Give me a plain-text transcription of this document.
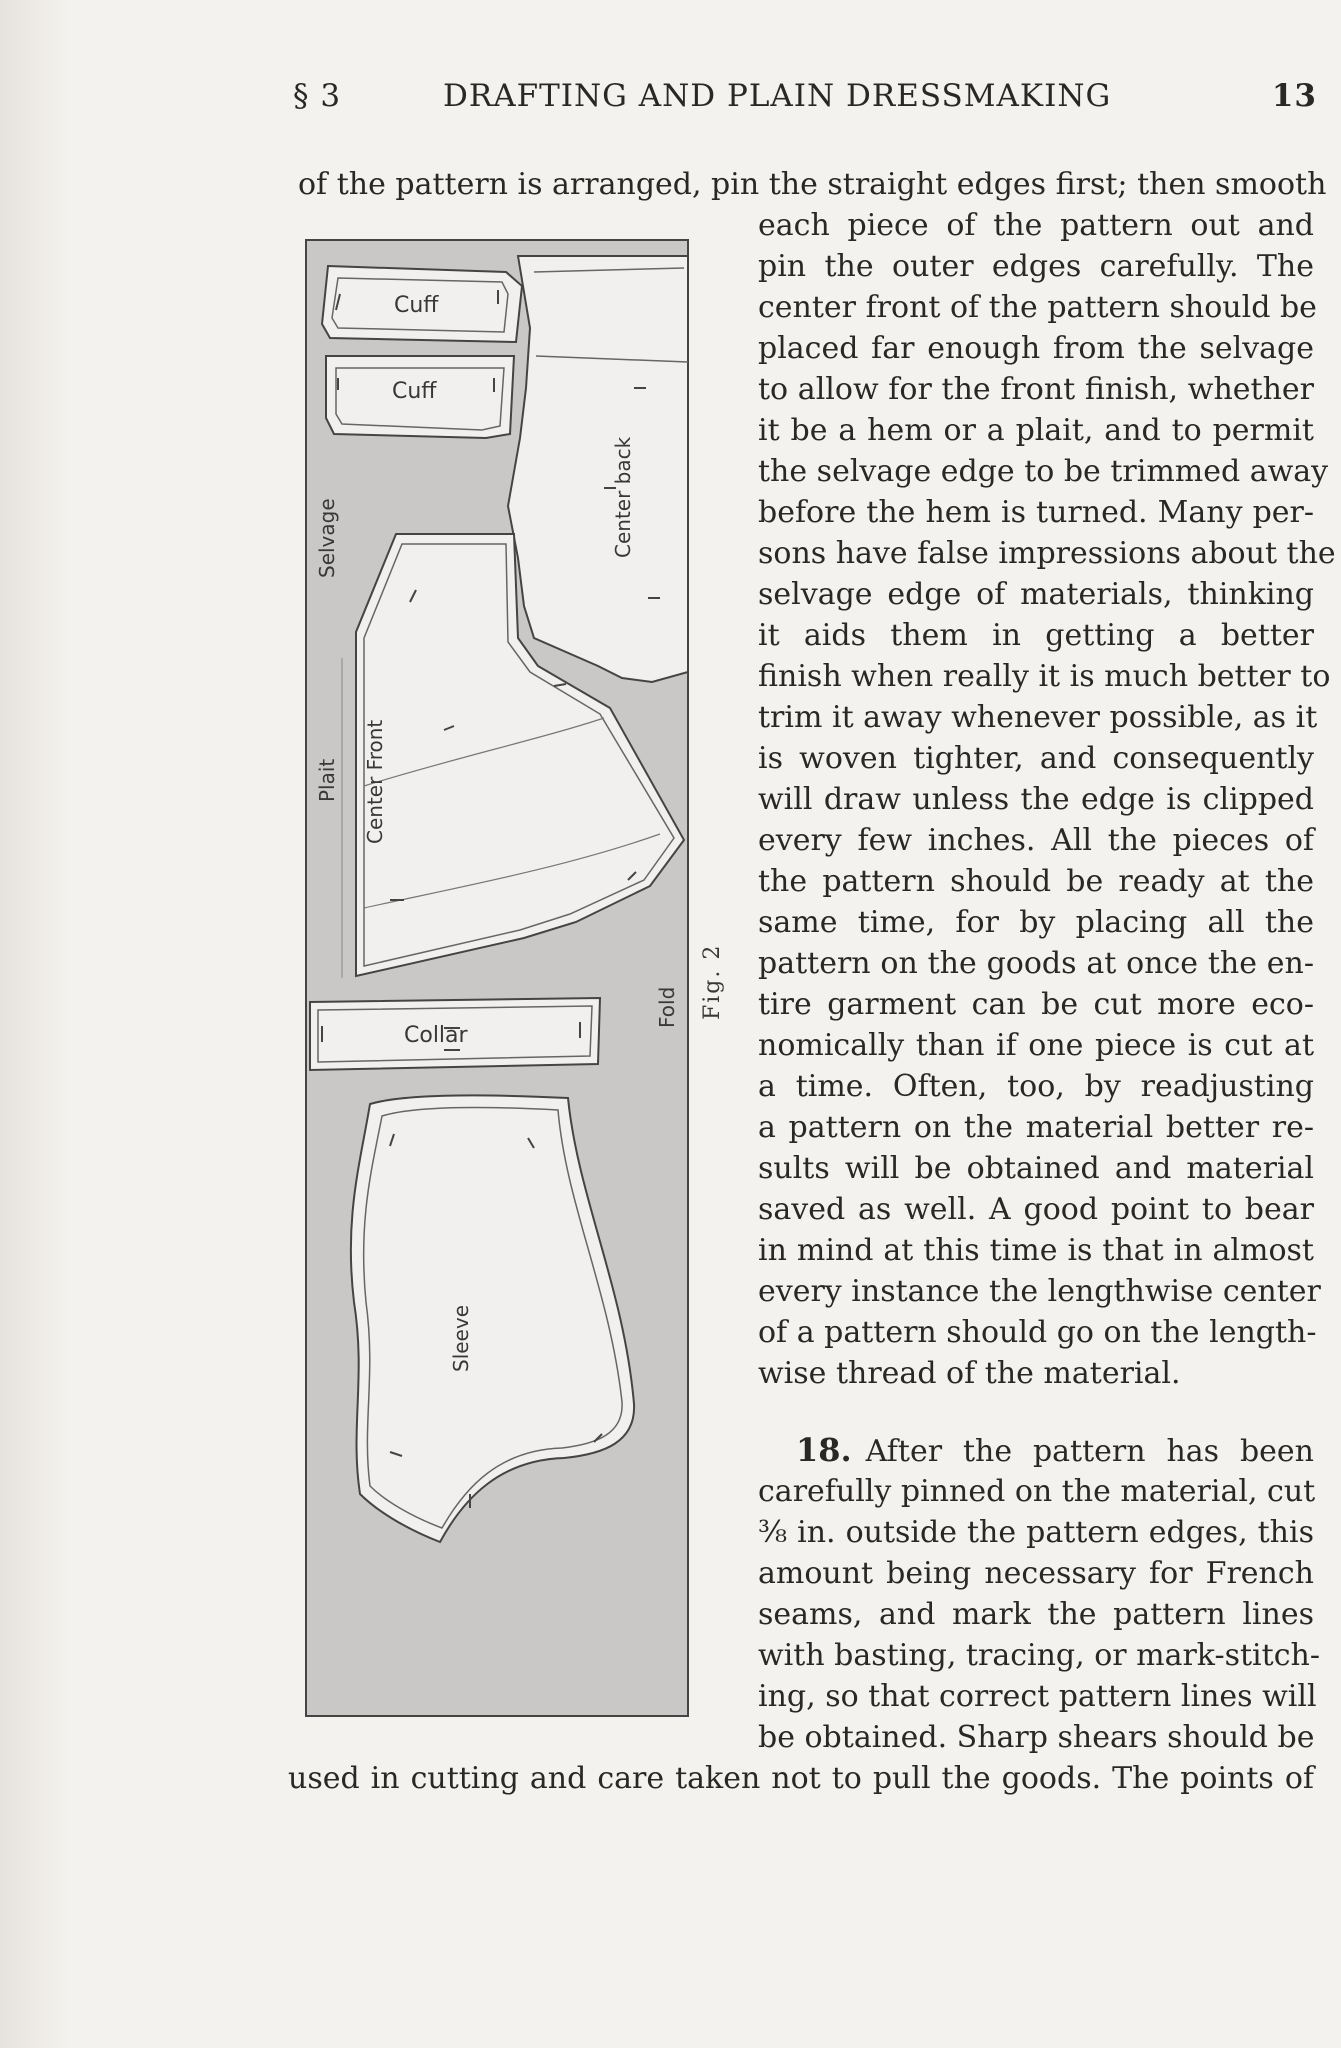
§ 3	DRAFTING AND PLAIN DRESSMAKING	13
of the pattern is arranged, pin the straight edges first; then smooth
each piece of the pattern out and
pin the outer edges carefully. The
center front of the pattern should be
placed far enough from the selvage
to allow for the front finish, whether
it be a hem or a plait, and to permit
the selvage edge to be trimmed away
before the hem is turned. Many per-
sons have false impressions about the
selvage edge of materials, thinking
it aids them in getting a better
finish when really it is much better to
trim it away whenever possible, as it
is woven tighter, and consequently
will draw unless the edge is clipped
every few inches. All the pieces of
the pattern should be ready at the
same time, for by placing all the
pattern on the goods at once the en-
tire garment can be cut more eco-
nomically than if one piece is cut at
a time. Often, too, by readjusting
a pattern on the material better re-
sults will be obtained and material
saved as well. A good point to bear
in mind at this time is that in almost
every instance the lengthwise center
of a pattern should go on the length-
wise thread of the material.
18. After the pattern has been
carefully pinned on the material, cut
⅜ in. outside the pattern edges, this
amount being necessary for French
seams, and mark the pattern lines
with basting, tracing, or mark-stitch-
ing, so that correct pattern lines will
be obtained. Sharp shears should be
used in cutting and care taken not to pull the goods. The points of
Cuff
Cuff
Center back
Selvage
Plait Center Front
Fold
Collar
Sleeve
Fig. 2
